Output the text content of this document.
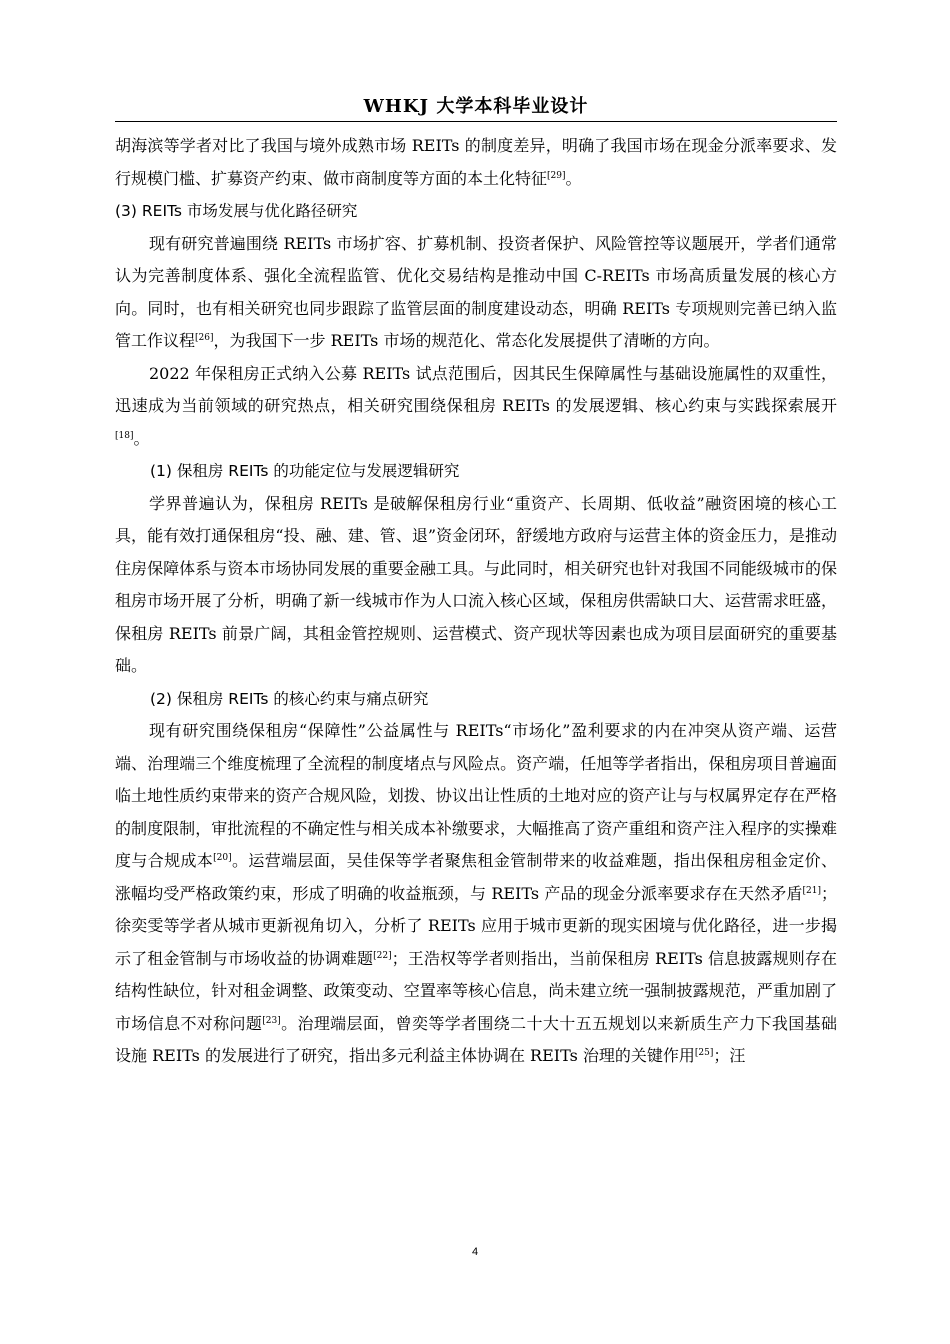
WHKJ 大学本科毕业设计

胡海滨等学者对比了我国与境外成熟市场 REITs 的制度差异，明确了我国市场在现金分派率要求、发行规模门槛、扩募资产约束、做市商制度等方面的本土化特征[29]。

(3) REITs 市场发展与优化路径研究

现有研究普遍围绕 REITs 市场扩容、扩募机制、投资者保护、风险管控等议题展开，学者们通常认为完善制度体系、强化全流程监管、优化交易结构是推动中国 C-REITs 市场高质量发展的核心方向。同时，也有相关研究也同步跟踪了监管层面的制度建设动态，明确 REITs 专项规则完善已纳入监管工作议程[26]，为我国下一步 REITs 市场的规范化、常态化发展提供了清晰的方向。

2022 年保租房正式纳入公募 REITs 试点范围后，因其民生保障属性与基础设施属性的双重性，迅速成为当前领域的研究热点，相关研究围绕保租房 REITs 的发展逻辑、核心约束与实践探索展开[18]。

(1) 保租房 REITs 的功能定位与发展逻辑研究

学界普遍认为，保租房 REITs 是破解保租房行业“重资产、长周期、低收益”融资困境的核心工具，能有效打通保租房“投、融、建、管、退”资金闭环，舒缓地方政府与运营主体的资金压力，是推动住房保障体系与资本市场协同发展的重要金融工具。与此同时，相关研究也针对我国不同能级城市的保租房市场开展了分析，明确了新一线城市作为人口流入核心区域，保租房供需缺口大、运营需求旺盛，保租房 REITs 前景广阔，其租金管控规则、运营模式、资产现状等因素也成为项目层面研究的重要基础。

(2) 保租房 REITs 的核心约束与痛点研究

现有研究围绕保租房“保障性”公益属性与 REITs“市场化”盈利要求的内在冲突从资产端、运营端、治理端三个维度梳理了全流程的制度堵点与风险点。资产端，任旭等学者指出，保租房项目普遍面临土地性质约束带来的资产合规风险，划拨、协议出让性质的土地对应的资产让与与权属界定存在严格的制度限制，审批流程的不确定性与相关成本补缴要求，大幅推高了资产重组和资产注入程序的实操难度与合规成本[20]。运营端层面，吴佳保等学者聚焦租金管制带来的收益难题，指出保租房租金定价、涨幅均受严格政策约束，形成了明确的收益瓶颈，与 REITs 产品的现金分派率要求存在天然矛盾[21]；徐奕雯等学者从城市更新视角切入，分析了 REITs 应用于城市更新的现实困境与优化路径，进一步揭示了租金管制与市场收益的协调难题[22]；王浩权等学者则指出，当前保租房 REITs 信息披露规则存在结构性缺位，针对租金调整、政策变动、空置率等核心信息，尚未建立统一强制披露规范，严重加剧了市场信息不对称问题[23]。治理端层面，曾奕等学者围绕二十大十五五规划以来新质生产力下我国基础设施 REITs 的发展进行了研究，指出多元利益主体协调在 REITs 治理的关键作用[25]；汪

4
